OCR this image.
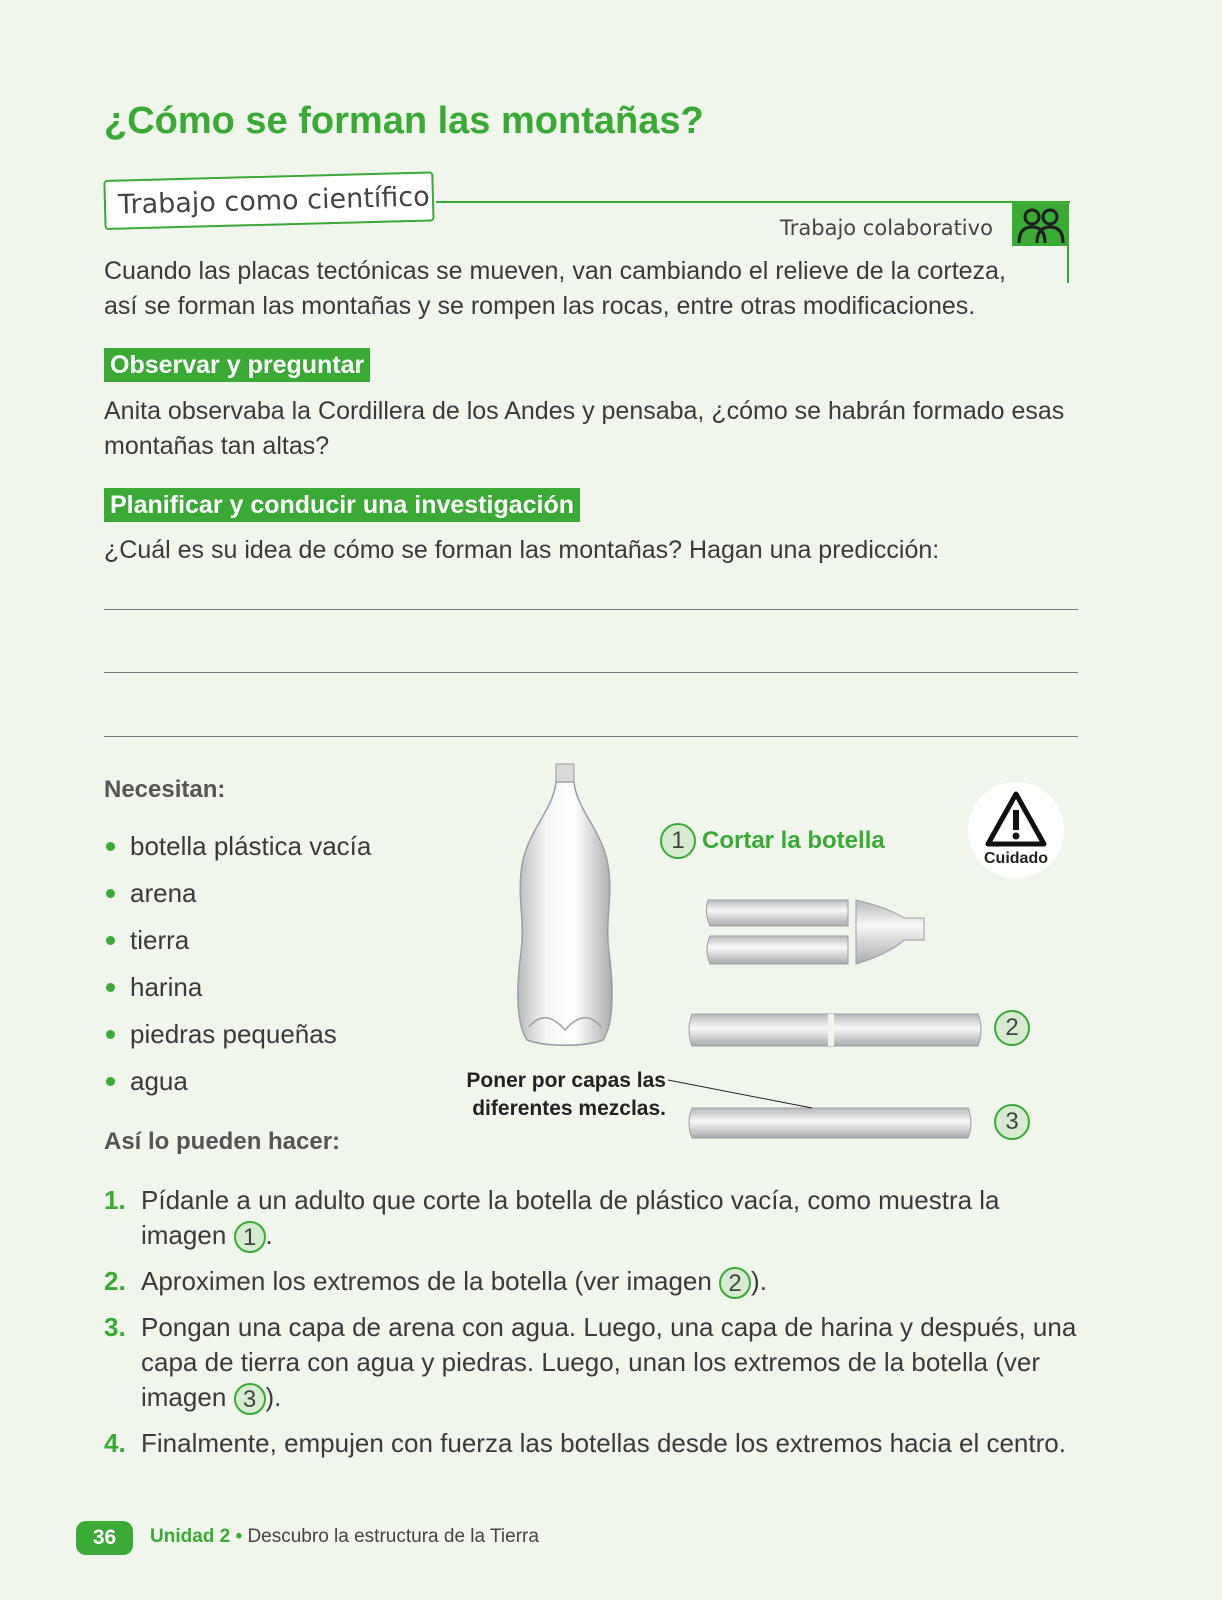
¿Cómo se forman las montañas?
Trabajo como científico
Trabajo colaborativo

Cuando las placas tectónicas se mueven, van cambiando el relieve de la corteza, así se forman las montañas y se rompen las rocas, entre otras modificaciones.

Observar y preguntar

Anita observaba la Cordillera de los Andes y pensaba, ¿cómo se habrán formado esas montañas tan altas?

Planificar y conducir una investigación

¿Cuál es su idea de cómo se forman las montañas? Hagan una predicción:

Necesitan:
botella plástica vacía
arena
tierra
harina
piedras pequeñas
agua
1 Cortar la botella
Cuidado
2
3
Poner por capas las
diferentes mezclas.
Así lo pueden hacer:
1. Pídanle a un adulto que corte la botella de plástico vacía, como muestra la imagen 1 .
2. Aproximen los extremos de la botella (ver imagen 2 ).
3. Pongan una capa de arena con agua. Luego, una capa de harina y después, una capa de tierra con agua y piedras. Luego, unan los extremos de la botella (ver imagen 3 ).
4. Finalmente, empujen con fuerza las botellas desde los extremos hacia el centro.
36	Unidad 2 • Descubro la estructura de la Tierra
